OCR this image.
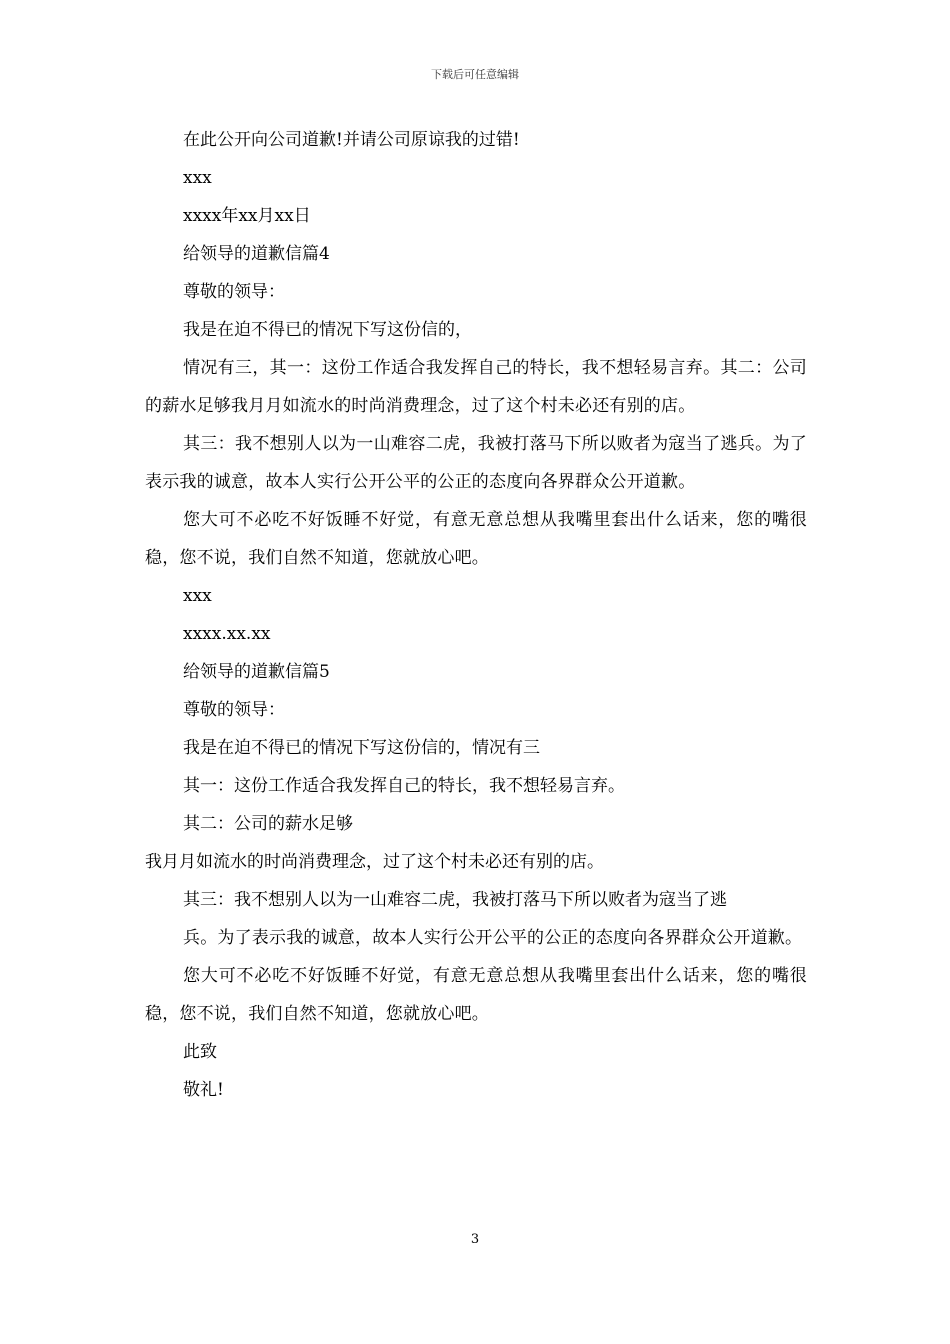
下载后可任意编辑
在此公开向公司道歉!并请公司原谅我的过错!
xxx
xxxx年xx月xx日
给领导的道歉信篇4
尊敬的领导：
我是在迫不得已的情况下写这份信的，
情况有三，其一：这份工作适合我发挥自己的特长，我不想轻易言弃。其二：公司的薪水足够我月月如流水的时尚消费理念，过了这个村未必还有别的店。
其三：我不想别人以为一山难容二虎，我被打落马下所以败者为寇当了逃兵。为了表示我的诚意，故本人实行公开公平的公正的态度向各界群众公开道歉。
您大可不必吃不好饭睡不好觉，有意无意总想从我嘴里套出什么话来，您的嘴很稳，您不说，我们自然不知道，您就放心吧。
xxx
xxxx.xx.xx
给领导的道歉信篇5
尊敬的领导：
我是在迫不得已的情况下写这份信的，情况有三
其一：这份工作适合我发挥自己的特长，我不想轻易言弃。
其二：公司的薪水足够
我月月如流水的时尚消费理念，过了这个村未必还有别的店。
其三：我不想别人以为一山难容二虎，我被打落马下所以败者为寇当了逃
兵。为了表示我的诚意，故本人实行公开公平的公正的态度向各界群众公开道歉。
您大可不必吃不好饭睡不好觉，有意无意总想从我嘴里套出什么话来，您的嘴很稳，您不说，我们自然不知道，您就放心吧。
此致
敬礼!
3
